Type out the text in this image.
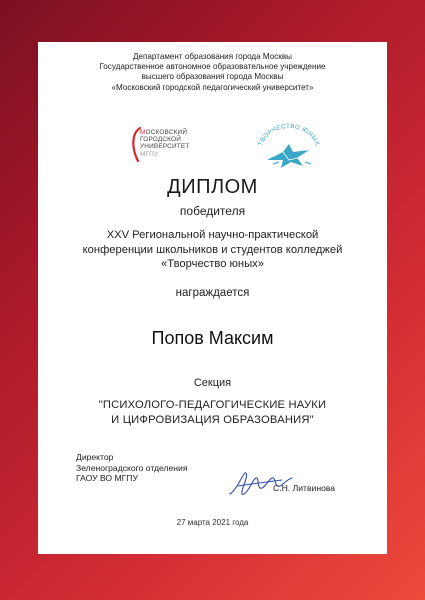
Департамент образования города Москвы
Государственное автономное образовательное учреждение
высшего образования города Москвы
«Московский городской педагогический университет»
МОСКОВСКИЙ
ГОРОДСКОЙ
УНИВЕРСИТЕТ
МГПУ
ТВОРЧЕСТВО ЮНЫХ
ДИПЛОМ
победителя
XXV Региональной научно-практической
конференции школьников и студентов колледжей
«Творчество юных»
награждается
Попов Максим
Секция
"ПСИХОЛОГО-ПЕДАГОГИЧЕСКИЕ НАУКИ
И ЦИФРОВИЗАЦИЯ ОБРАЗОВАНИЯ"
Директор
Зеленоградского отделения
ГАОУ ВО МГПУ
С.Н. Литвинова
27 марта 2021 года
